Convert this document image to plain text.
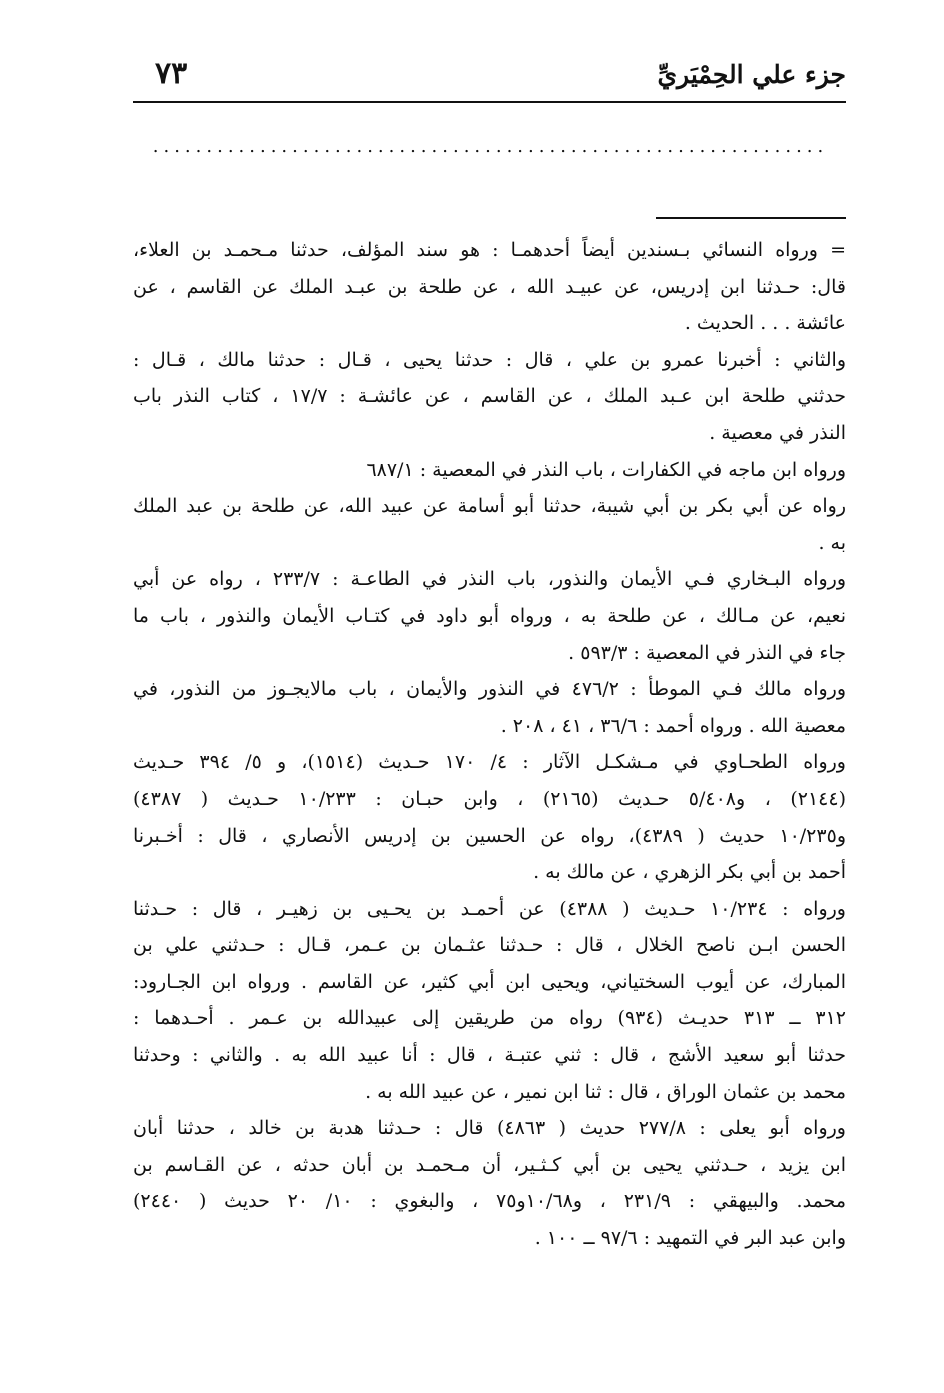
جزء علي الحِمْيَريِّ
٧٣
...............................................................
= ورواه النسائي بـسندين أيضاً أحدهمـا : هو سند المؤلف، حدثنا مـحمـد بن العلاء،
قال: حـدثنا ابن إدريس، عن عبيـد الله ، عن طلحة بن عبـد الملك عن القاسم ، عن
عائشة . . . الحديث .
والثاني : أخبرنا عمرو بن علي ، قال : حدثنا يحيى ، قـال : حدثنا مالك ، قـال :
حدثني طلحة ابن عـبد الملك ، عن القاسم ، عن عائشـة : ١٧/٧ ، كتاب النذر باب
النذر في معصية .
ورواه ابن ماجه في الكفارات ، باب النذر في المعصية : ٦٨٧/١
رواه عن أبي بكر بن أبي شيبة، حدثنا أبو أسامة عن عبيد الله، عن طلحة بن عبد الملك
به .
ورواه البـخاري فـي الأيمان والنذور، باب النذر في الطاعـة : ٢٣٣/٧ ، رواه عن أبي
نعيم، عن مـالك ، عن طلحة به ، ورواه أبو داود في كتـاب الأيمان والنذور ، باب ما
جاء في النذر في المعصية : ٥٩٣/٣ .
ورواه مالك فـي الموطأ : ٤٧٦/٢ في النذور والأيمان ، باب مالايجـوز من النذور، في
معصية الله . ورواه أحمد : ٣٦/٦ ، ٤١ ، ٢٠٨ .
ورواه الطحـاوي في مـشكـل الآثار : ٤/ ١٧٠ حـديث (١٥١٤)، و ٥/ ٣٩٤ حـديث
(٢١٤٤) ، و٥/٤٠٨ حـديث (٢١٦٥) ، وابن حبـان : ١٠/٢٣٣ حـديث ( ٤٣٨٧)
و١٠/٢٣٥ حديث ( ٤٣٨٩)، رواه عن الحسين بن إدريس الأنصاري ، قال : أخـبرنا
أحمد بن أبي بكر الزهري ، عن مالك به .
ورواه : ١٠/٢٣٤ حـديث ( ٤٣٨٨) عن أحمـد بن يحـيى بن زهيـر ، قال : حـدثنا
الحسن ابـن ناصح الخلال ، قال : حـدثنا عثـمان بن عـمر، قـال : حـدثني علي بن
المبارك، عن أيوب السختياني، ويحيى ابن أبي كثير، عن القاسم . ورواه ابن الجـارود:
٣١٢ ــ ٣١٣ حديـث (٩٣٤) رواه من طريقين إلى عبيدالله بن عـمر . أحـدهما :
حدثنا أبو سعيد الأشج ، قال : ثني عتبـة ، قال : أنا عبيد الله به . والثاني : وحدثنا
محمد بن عثمان الوراق ، قال : ثنا ابن نمير ، عن عبيد الله به .
ورواه أبو يعلى : ٢٧٧/٨ حديث ( ٤٨٦٣) قال : حـدثنا هدبة بن خالد ، حدثنا أبان
ابن يزيد ، حـدثني يحيى بن أبي كـثـير، أن مـحمـد بن أبان حدثه ، عن القـاسم بن
محمد. والبيهقي : ٢٣١/٩ ، و١٠/٦٨و٧٥ ، والبغوي : ١٠/ ٢٠ حديث ( ٢٤٤٠)
وابن عبد البر في التمهيد : ٩٧/٦ ــ ١٠٠ .
